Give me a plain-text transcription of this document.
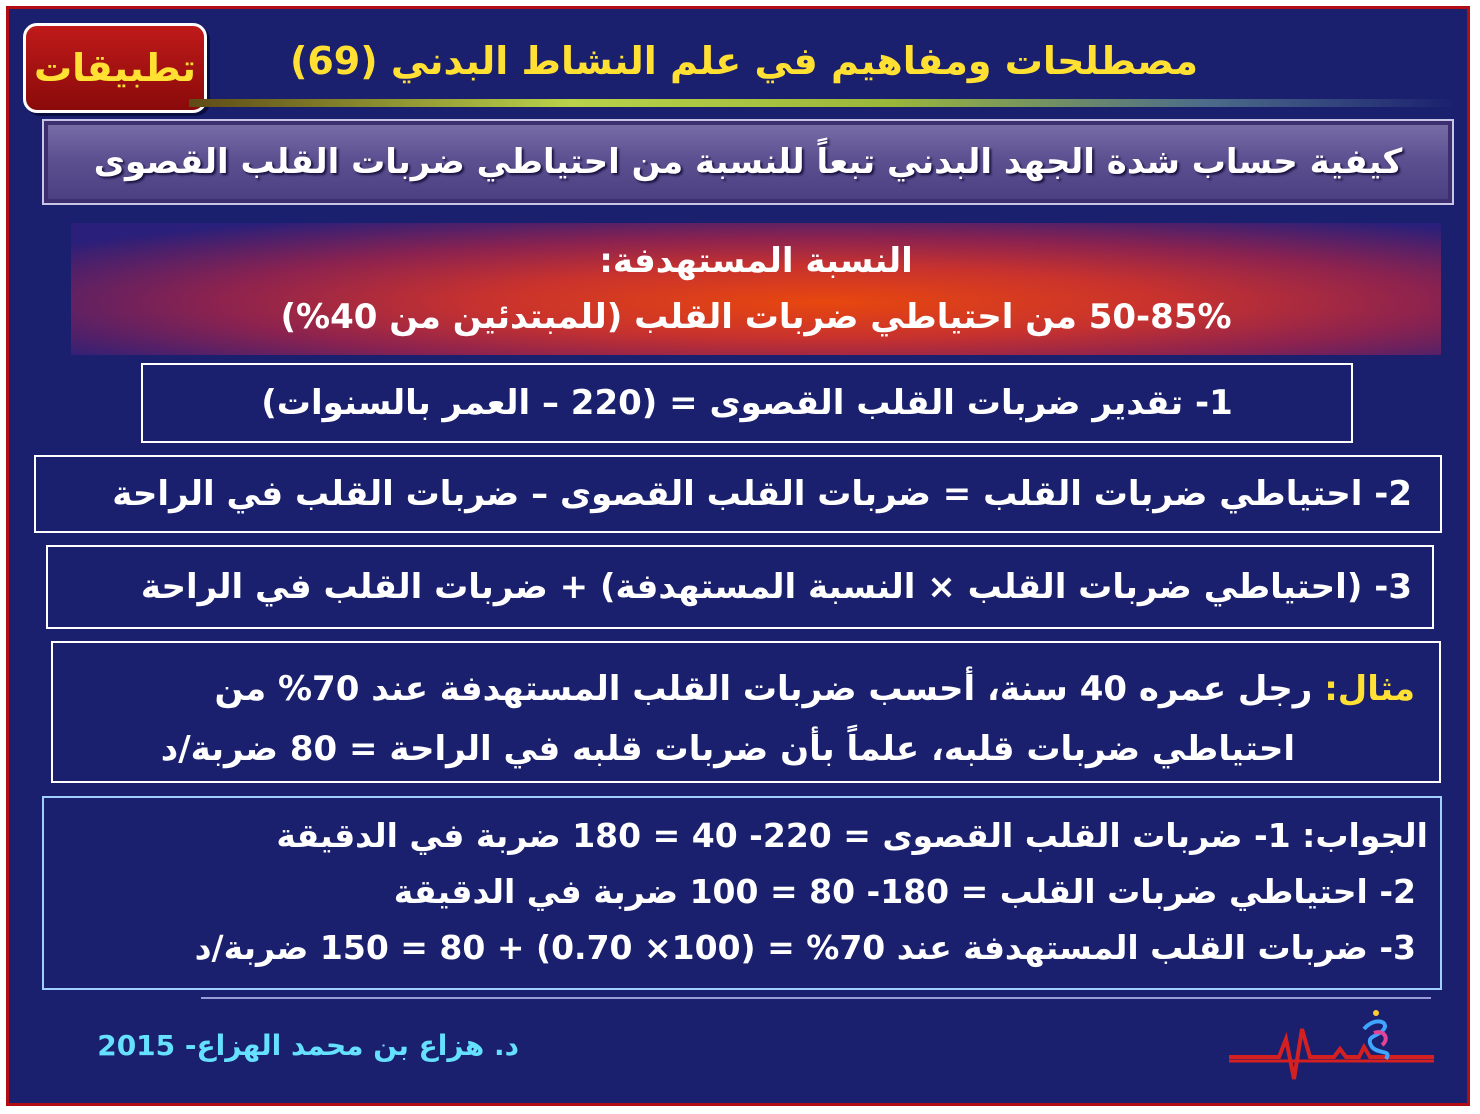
تطبيقات	مصطلحات ومفاهيم في علم النشاط البدني (69)
كيفية حساب شدة الجهد البدني تبعاً للنسبة من احتياطي ضربات القلب القصوى
النسبة المستهدفة:
50-85% من احتياطي ضربات القلب (للمبتدئين من 40%)
1- تقدير ضربات القلب القصوى = (220 – العمر بالسنوات)
2- احتياطي ضربات القلب = ضربات القلب القصوى – ضربات القلب في الراحة
3- (احتياطي ضربات القلب × النسبة المستهدفة) + ضربات القلب في الراحة
مثال: رجل عمره 40 سنة، أحسب ضربات القلب المستهدفة عند 70% من
احتياطي ضربات قلبه، علماً بأن ضربات قلبه في الراحة = 80 ضربة/د
الجواب: 1- ضربات القلب القصوى = 220- 40 = 180 ضربة في الدقيقة
2- احتياطي ضربات القلب = 180- 80 = 100 ضربة في الدقيقة
3- ضربات القلب المستهدفة عند 70% = (100× 0.70) + 80 = 150 ضربة/د
د. هزاع بن محمد الهزاع- 2015
